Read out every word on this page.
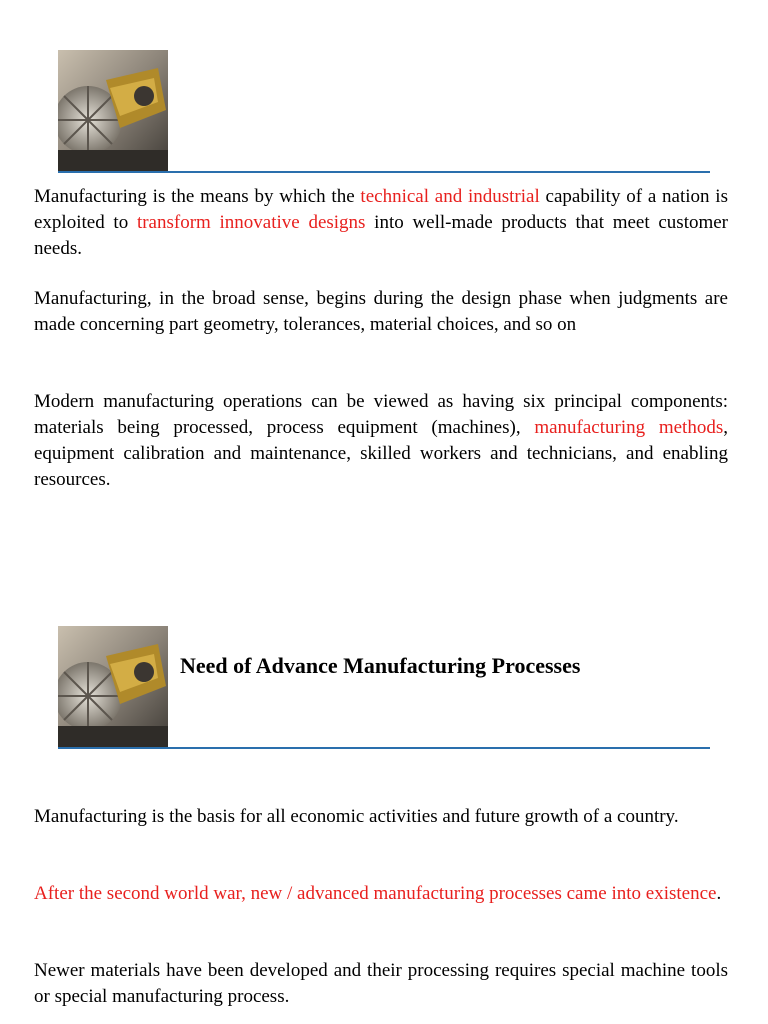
Manufacturing is the means by which the technical and industrial capability of a nation is exploited to transform innovative designs into well-made products that meet customer needs.

Manufacturing, in the broad sense, begins during the design phase when judgments are made concerning part geometry, tolerances, material choices, and so on

Modern manufacturing operations can be viewed as having six principal components: materials being processed, process equipment (machines), manufacturing methods, equipment calibration and maintenance, skilled workers and technicians, and enabling resources.

Need of Advance Manufacturing Processes

Manufacturing is the basis for all economic activities and future growth of a country.

After the second world war, new / advanced manufacturing processes came into existence.

Newer materials have been developed and their processing requires special machine tools or special manufacturing process.
